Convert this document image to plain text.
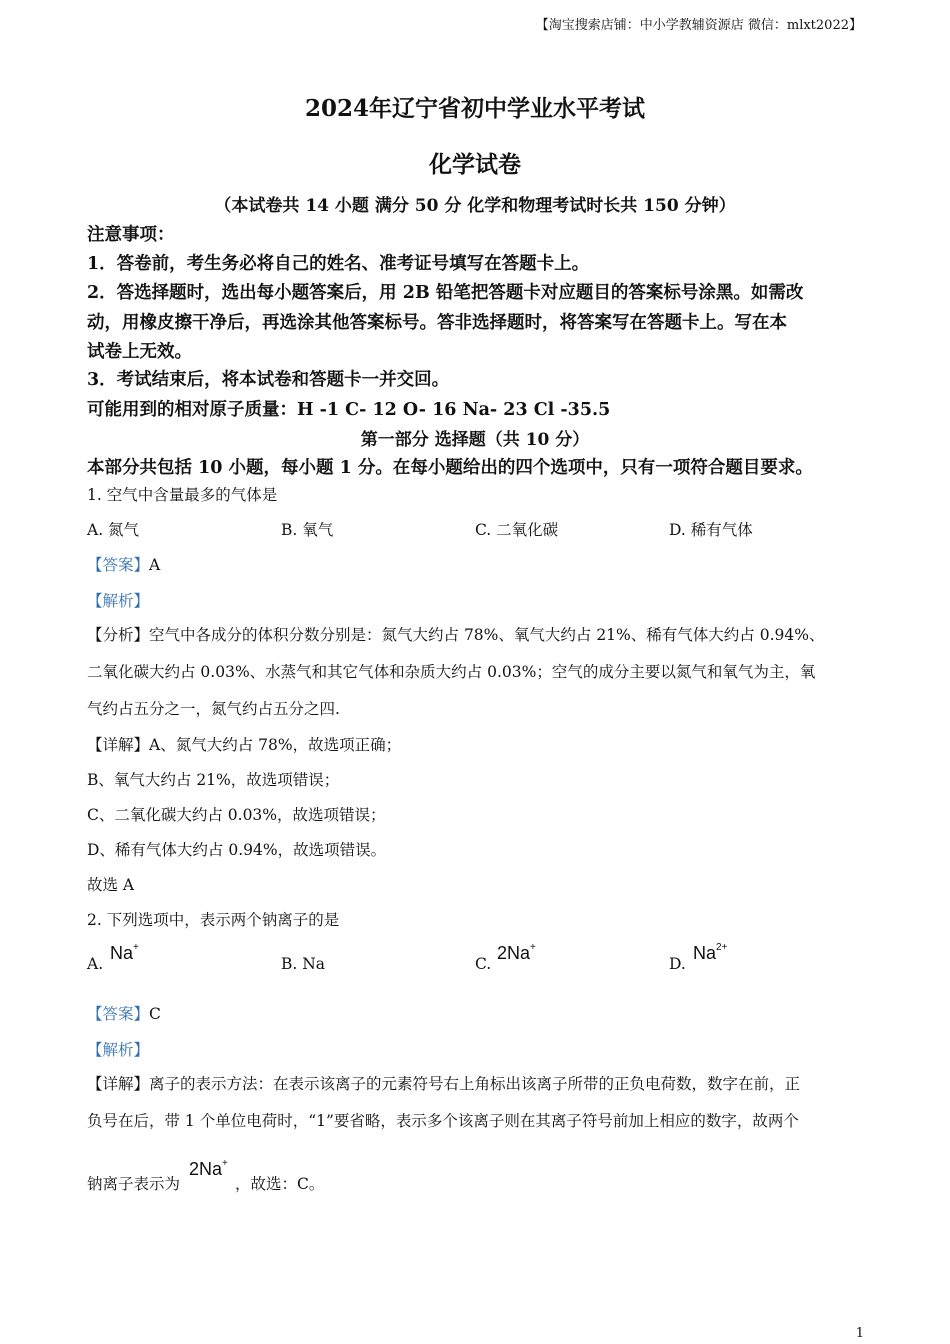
【淘宝搜索店铺：中小学教辅资源店 微信：mlxt2022】
2024年辽宁省初中学业水平考试
化学试卷
（本试卷共 14 小题 满分 50 分 化学和物理考试时长共 150 分钟）
注意事项：
1．答卷前，考生务必将自己的姓名、准考证号填写在答题卡上。
2．答选择题时，选出每小题答案后，用 2B 铅笔把答题卡对应题目的答案标号涂黑。如需改
动，用橡皮擦干净后，再选涂其他答案标号。答非选择题时，将答案写在答题卡上。写在本
试卷上无效。
3．考试结束后，将本试卷和答题卡一并交回。
可能用到的相对原子质量：H -1 C- 12 O- 16 Na- 23 Cl -35.5
第一部分 选择题（共 10 分）
本部分共包括 10 小题，每小题 1 分。在每小题给出的四个选项中，只有一项符合题目要求。
1. 空气中含量最多的气体是
A. 氮气	B. 氧气	C. 二氧化碳	D. 稀有气体
【答案】A
【解析】
【分析】空气中各成分的体积分数分别是：氮气大约占 78%、氧气大约占 21%、稀有气体大约占 0.94%、
二氧化碳大约占 0.03%、水蒸气和其它气体和杂质大约占 0.03%；空气的成分主要以氮气和氧气为主，氧
气约占五分之一，氮气约占五分之四.
【详解】A、氮气大约占 78%，故选项正确；
B、氧气大约占 21%，故选项错误；
C、二氧化碳大约占 0.03%，故选项错误；
D、稀有气体大约占 0.94%，故选项错误。
故选 A
2. 下列选项中，表示两个钠离子的是
A.
Na+
B. Na	C.
2Na+
D.
$Na^{2+}$
【答案】C
【解析】
【详解】离子的表示方法：在表示该离子的元素符号右上角标出该离子所带的正负电荷数，数字在前，正
负号在后，带 1 个单位电荷时，“1”要省略，表示多个该离子则在其离子符号前加上相应的数字，故两个
钠离子表示为
2Na+
，故选：C。
1
